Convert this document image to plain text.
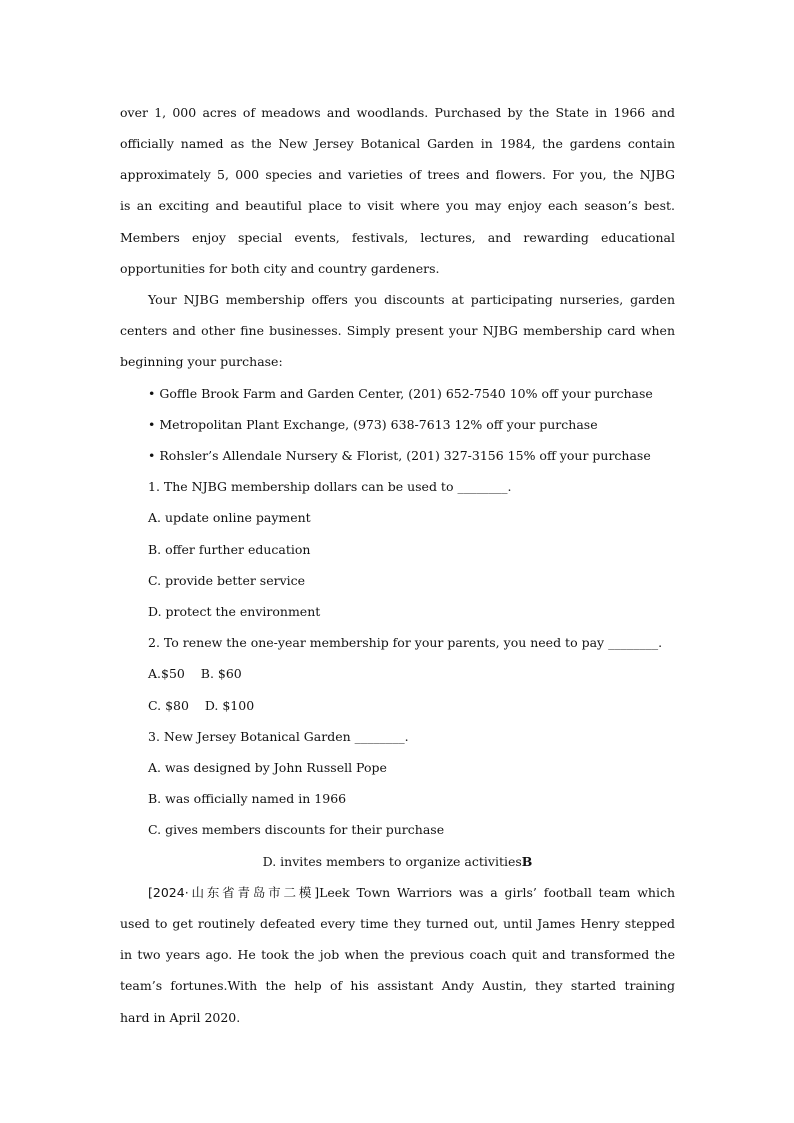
over 1, 000 acres of meadows and woodlands. Purchased by the State in 1966 and
officially named as the New Jersey Botanical Garden in 1984, the gardens contain
approximately 5, 000 species and varieties of trees and flowers. For you, the NJBG
is an exciting and beautiful place to visit where you may enjoy each season’s best.
Members enjoy special events, festivals, lectures, and rewarding educational
opportunities for both city and country gardeners.
Your NJBG membership offers you discounts at participating nurseries, garden
centers and other fine businesses. Simply present your NJBG membership card when
beginning your purchase:
• Goffle Brook Farm and Garden Center, (201) 652-7540 10% off your purchase
• Metropolitan Plant Exchange, (973) 638-7613 12% off your purchase
• Rohsler’s Allendale Nursery & Florist, (201) 327-3156 15% off your purchase
1. The NJBG membership dollars can be used to ________.
A. update online payment
B. offer further education
C. provide better service
D. protect the environment
2. To renew the one-year membership for your parents, you need to pay ________.
A.$50    B. $60
C. $80    D. $100
3. New Jersey Botanical Garden ________.
A. was designed by John Russell Pope
B. was officially named in 1966
C. gives members discounts for their purchase
D. invites members to organize activitiesB
[2024·山东省青岛市二模]Leek Town Warriors was a girls’ football team which
used to get routinely defeated every time they turned out, until James Henry stepped
in two years ago. He took the job when the previous coach quit and transformed the
team’s fortunes.With the help of his assistant Andy Austin, they started training
hard in April 2020.
